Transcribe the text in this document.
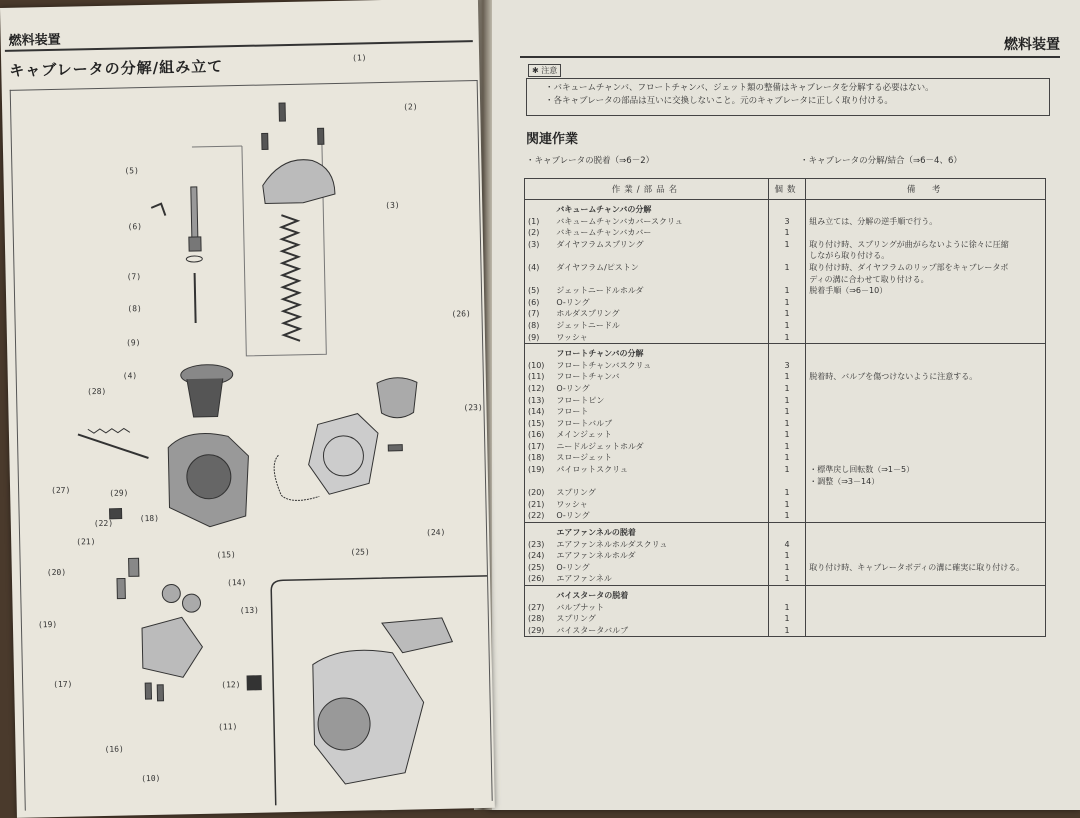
燃料装置
✱ 注意
・バキュームチャンバ、フロートチャンバ、ジェット類の整備はキャブレータを分解する必要はない。
・各キャブレータの部品は互いに交換しないこと。元のキャブレータに正しく取り付ける。
関連作業
・キャブレータの脱着（⇒6－2）	・キャブレータの分解/結合（⇒6－4、6）
作業/部品名		個数	備　考
	バキュームチャンバの分解		
(1)	バキュームチャンバカバースクリュ	3	組み立ては、分解の逆手順で行う。
(2)	バキュームチャンバカバー	1	
(3)	ダイヤフラムスプリング	1	取り付け時、スプリングが曲がらないように徐々に圧縮
			しながら取り付ける。
(4)	ダイヤフラム/ピストン	1	取り付け時、ダイヤフラムのリップ部をキャブレータボ
			ディの溝に合わせて取り付ける。
(5)	ジェットニードルホルダ	1	脱着手順（⇒6－10）
(6)	O-リング	1	
(7)	ホルダスプリング	1	
(8)	ジェットニードル	1	
(9)	ワッシャ	1	
	フロートチャンバの分解		
(10)	フロートチャンバスクリュ	3	
(11)	フロートチャンバ	1	脱着時、バルブを傷つけないように注意する。
(12)	O-リング	1	
(13)	フロートピン	1	
(14)	フロート	1	
(15)	フロートバルブ	1	
(16)	メインジェット	1	
(17)	ニードルジェットホルダ	1	
(18)	スロージェット	1	
(19)	パイロットスクリュ	1	・標準戻し回転数（⇒1－5）
			・調整（⇒3－14）
(20)	スプリング	1	
(21)	ワッシャ	1	
(22)	O-リング	1	
	エアファンネルの脱着		
(23)	エアファンネルホルダスクリュ	4	
(24)	エアファンネルホルダ	1	
(25)	O-リング	1	取り付け時、キャブレータボディの溝に確実に取り付ける。
(26)	エアファンネル	1	
	バイスタータの脱着		
(27)	バルブナット	1	
(28)	スプリング	1	
(29)	バイスタータバルブ	1	
燃料装置
キャブレータの分解/組み立て	(1)
(2)
(3)
(5)
(6)
(7)
(8)
(9)
(4)
(28)
(26)
(23)
(27)	(29)
(22)
(18)
(21)
(20)
(19)
(15)
(14)
(13)
(17)	(12)
(16)
(11)
(10)
(24)
(25)
